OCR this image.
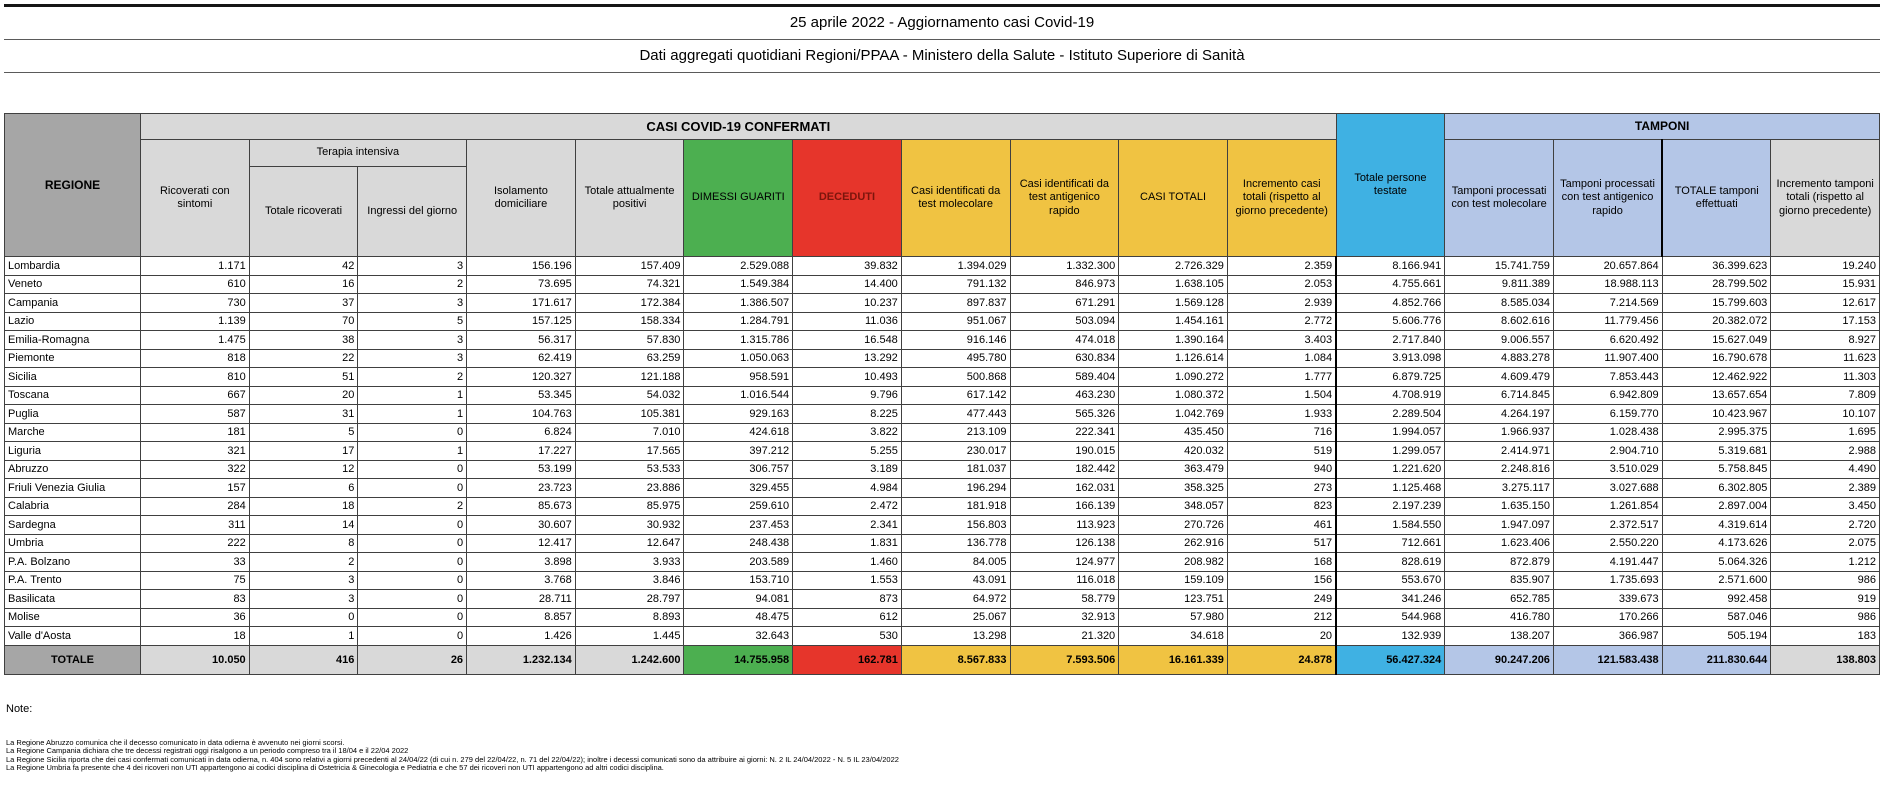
25 aprile 2022 - Aggiornamento casi Covid-19
Dati aggregati quotidiani Regioni/PPAA - Ministero della Salute - Istituto Superiore di Sanità
REGIONE	CASI COVID-19 CONFERMATI											Totale persone testate	TAMPONI			
	Ricoverati con sintomi	Terapia intensiva		Isolamento domiciliare	Totale attualmente positivi	DIMESSI GUARITI	DECEDUTI	Casi identificati da test molecolare	Casi identificati da test antigenico rapido	CASI TOTALI	Incremento casi totali (rispetto al giorno precedente)		Tamponi processati con test molecolare	Tamponi processati con test antigenico rapido	TOTALE tamponi effettuati	Incremento tamponi totali (rispetto al giorno precedente)
		Totale ricoverati	Ingressi del giorno													
Lombardia	1.171	42	3	156.196	157.409	2.529.088	39.832	1.394.029	1.332.300	2.726.329	2.359	8.166.941	15.741.759	20.657.864	36.399.623	19.240
Veneto	610	16	2	73.695	74.321	1.549.384	14.400	791.132	846.973	1.638.105	2.053	4.755.661	9.811.389	18.988.113	28.799.502	15.931
Campania	730	37	3	171.617	172.384	1.386.507	10.237	897.837	671.291	1.569.128	2.939	4.852.766	8.585.034	7.214.569	15.799.603	12.617
Lazio	1.139	70	5	157.125	158.334	1.284.791	11.036	951.067	503.094	1.454.161	2.772	5.606.776	8.602.616	11.779.456	20.382.072	17.153
Emilia-Romagna	1.475	38	3	56.317	57.830	1.315.786	16.548	916.146	474.018	1.390.164	3.403	2.717.840	9.006.557	6.620.492	15.627.049	8.927
Piemonte	818	22	3	62.419	63.259	1.050.063	13.292	495.780	630.834	1.126.614	1.084	3.913.098	4.883.278	11.907.400	16.790.678	11.623
Sicilia	810	51	2	120.327	121.188	958.591	10.493	500.868	589.404	1.090.272	1.777	6.879.725	4.609.479	7.853.443	12.462.922	11.303
Toscana	667	20	1	53.345	54.032	1.016.544	9.796	617.142	463.230	1.080.372	1.504	4.708.919	6.714.845	6.942.809	13.657.654	7.809
Puglia	587	31	1	104.763	105.381	929.163	8.225	477.443	565.326	1.042.769	1.933	2.289.504	4.264.197	6.159.770	10.423.967	10.107
Marche	181	5	0	6.824	7.010	424.618	3.822	213.109	222.341	435.450	716	1.994.057	1.966.937	1.028.438	2.995.375	1.695
Liguria	321	17	1	17.227	17.565	397.212	5.255	230.017	190.015	420.032	519	1.299.057	2.414.971	2.904.710	5.319.681	2.988
Abruzzo	322	12	0	53.199	53.533	306.757	3.189	181.037	182.442	363.479	940	1.221.620	2.248.816	3.510.029	5.758.845	4.490
Friuli Venezia Giulia	157	6	0	23.723	23.886	329.455	4.984	196.294	162.031	358.325	273	1.125.468	3.275.117	3.027.688	6.302.805	2.389
Calabria	284	18	2	85.673	85.975	259.610	2.472	181.918	166.139	348.057	823	2.197.239	1.635.150	1.261.854	2.897.004	3.450
Sardegna	311	14	0	30.607	30.932	237.453	2.341	156.803	113.923	270.726	461	1.584.550	1.947.097	2.372.517	4.319.614	2.720
Umbria	222	8	0	12.417	12.647	248.438	1.831	136.778	126.138	262.916	517	712.661	1.623.406	2.550.220	4.173.626	2.075
P.A. Bolzano	33	2	0	3.898	3.933	203.589	1.460	84.005	124.977	208.982	168	828.619	872.879	4.191.447	5.064.326	1.212
P.A. Trento	75	3	0	3.768	3.846	153.710	1.553	43.091	116.018	159.109	156	553.670	835.907	1.735.693	2.571.600	986
Basilicata	83	3	0	28.711	28.797	94.081	873	64.972	58.779	123.751	249	341.246	652.785	339.673	992.458	919
Molise	36	0	0	8.857	8.893	48.475	612	25.067	32.913	57.980	212	544.968	416.780	170.266	587.046	986
Valle d'Aosta	18	1	0	1.426	1.445	32.643	530	13.298	21.320	34.618	20	132.939	138.207	366.987	505.194	183
TOTALE	10.050	416	26	1.232.134	1.242.600	14.755.958	162.781	8.567.833	7.593.506	16.161.339	24.878	56.427.324	90.247.206	121.583.438	211.830.644	138.803
Note:
La Regione Abruzzo comunica che il decesso comunicato in data odierna è avvenuto nei giorni scorsi.
La Regione Campania dichiara che tre decessi registrati oggi risalgono a un periodo compreso tra il 18/04 e il 22/04 2022
La Regione Sicilia riporta che dei casi confermati comunicati in data odierna, n. 404 sono relativi a giorni precedenti al 24/04/22 (di cui n. 279 del 22/04/22, n. 71 del 22/04/22); inoltre i decessi comunicati sono da attribuire ai giorni: N. 2 IL 24/04/2022 - N. 5 IL 23/04/2022
La Regione Umbria fa presente che 4 dei ricoveri non UTI appartengono ai codici disciplina di Ostetricia & Ginecologia e Pediatria e che 57 dei ricoveri non UTI appartengono ad altri codici disciplina.
